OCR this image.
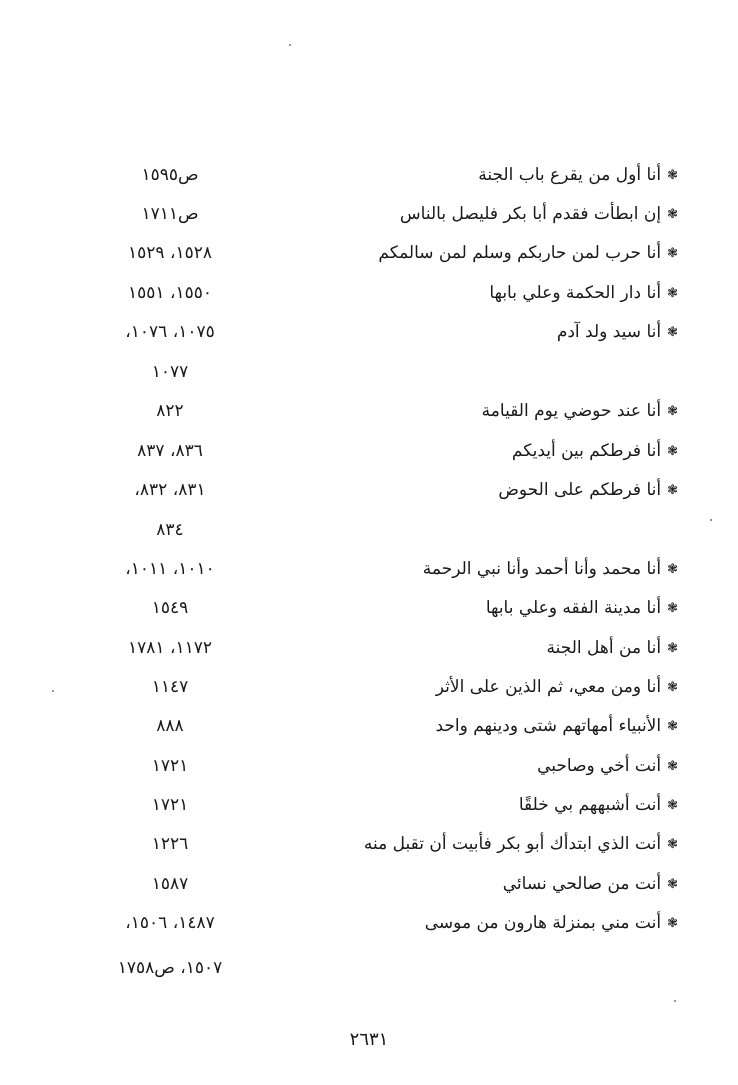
❃أنا أول من يقرع باب الجنة
ص١٥٩٥
❃إن ابطأت فقدم أبا بكر فليصل بالناس
ص١٧١١
❃أنا حرب لمن حاربكم وسلم لمن سالمكم
١٥٢٨، ١٥٢٩
❃أنا دار الحكمة وعلي بابها
١٥٥٠، ١٥٥١
❃أنا سيد ولد آدم
١٠٧٥، ١٠٧٦،
١٠٧٧
❃أنا عند حوضي يوم القيامة
٨٢٢
❃أنا فرطكم بين أيديكم
٨٣٦، ٨٣٧
❃أنا فرطكم على الحوض
٨٣١، ٨٣٢،
٨٣٤
❃أنا محمد وأنا أحمد وأنا نبي الرحمة
١٠١٠، ١٠١١،
❃أنا مدينة الفقه وعلي بابها
١٥٤٩
❃أنا من أهل الجنة
١١٧٢، ١٧٨١
❃أنا ومن معي، ثم الذين على الأثر
١١٤٧
❃الأنبياء أمهاتهم شتى ودينهم واحد
٨٨٨
❃أنت أخي وصاحبي
١٧٢١
❃أنت أشبههم بي خلقًا
١٧٢١
❃أنت الذي ابتدأك أبو بكر فأبيت أن تقبل منه
١٢٢٦
❃أنت من صالحي نسائي
١٥٨٧
❃أنت مني بمنزلة هارون من موسى
١٤٨٧، ١٥٠٦،
١٥٠٧، ص١٧٥٨
٢٦٣١
